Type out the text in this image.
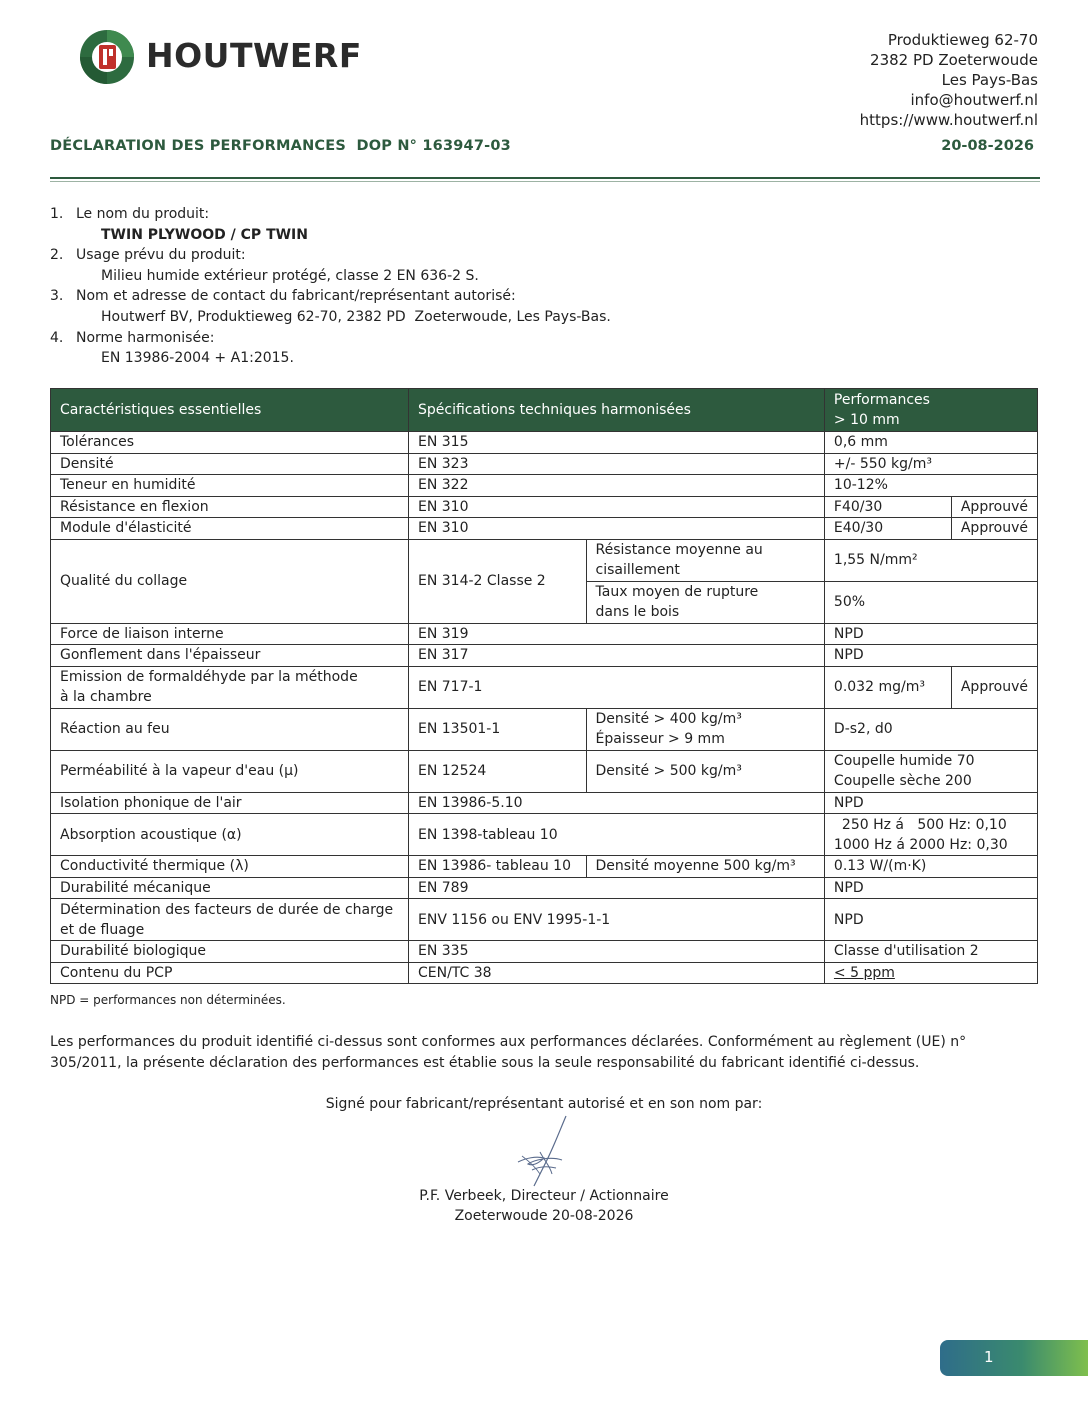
HOUTWERF	Produktieweg 62-70
2382 PD Zoeterwoude
Les Pays-Bas
info@houtwerf.nl
https://www.houtwerf.nl
DÉCLARATION DES PERFORMANCES  DOP N° 163947-03	20-08-2026
1. Le nom du produit:
TWIN PLYWOOD / CP TWIN
2. Usage prévu du produit:
Milieu humide extérieur protégé, classe 2 EN 636-2 S.
3. Nom et adresse de contact du fabricant/représentant autorisé:
Houtwerf BV, Produktieweg 62-70, 2382 PD  Zoeterwoude, Les Pays-Bas.
4. Norme harmonisée:
EN 13986-2004 + A1:2015.
Caractéristiques essentielles	Spécifications techniques harmonisées		Performances
> 10 mm	

Tolérances	EN 315		0,6 mm	
Densité	EN 323		+/- 550 kg/m³	
Teneur en humidité	EN 322		10-12%	
Résistance en flexion	EN 310		F40/30	Approuvé
Module d'élasticité	EN 310		E40/30	Approuvé
Qualité du collage	EN 314-2 Classe 2	Résistance moyenne au
cisaillement	1,55 N/mm²	

		Taux moyen de rupture
dans le bois	50%	
Force de liaison interne	EN 319		NPD	
Gonflement dans l'épaisseur	EN 317		NPD	

Emission de formaldéhyde par la méthode
à la chambre	EN 717-1		0.032 mg/m³	Approuvé
Réaction au feu	EN 13501-1	Densité > 400 kg/m³
Épaisseur > 9 mm	D-s2, d0	
Perméabilité à la vapeur d'eau (µ)	EN 12524	Densité > 500 kg/m³	Coupelle humide 70
Coupelle sèche 200	

Isolation phonique de l'air	EN 13986-5.10		NPD	
Absorption acoustique (α)	EN 1398-tableau 10		250 Hz á   500 Hz: 0,10
1000 Hz á 2000 Hz: 0,30	

Conductivité thermique (λ)	EN 13986- tableau 10	Densité moyenne 500 kg/m³	0.13 W/(m·K)	
Durabilité mécanique	EN 789		NPD	

Détermination des facteurs de durée de charge
et de fluage	ENV 1156 ou ENV 1995-1-1		NPD	
Durabilité biologique	EN 335		Classe d'utilisation 2	
Contenu du PCP	CEN/TC 38		< 5 ppm	
NPD = performances non déterminées.
Les performances du produit identifié ci-dessus sont conformes aux performances déclarées. Conformément au règlement (UE) n° 305/2011, la présente déclaration des performances est établie sous la seule responsabilité du fabricant identifié ci-dessus.
Signé pour fabricant/représentant autorisé et en son nom par:
P.F. Verbeek, Directeur / Actionnaire
Zoeterwoude 20-08-2026
1
